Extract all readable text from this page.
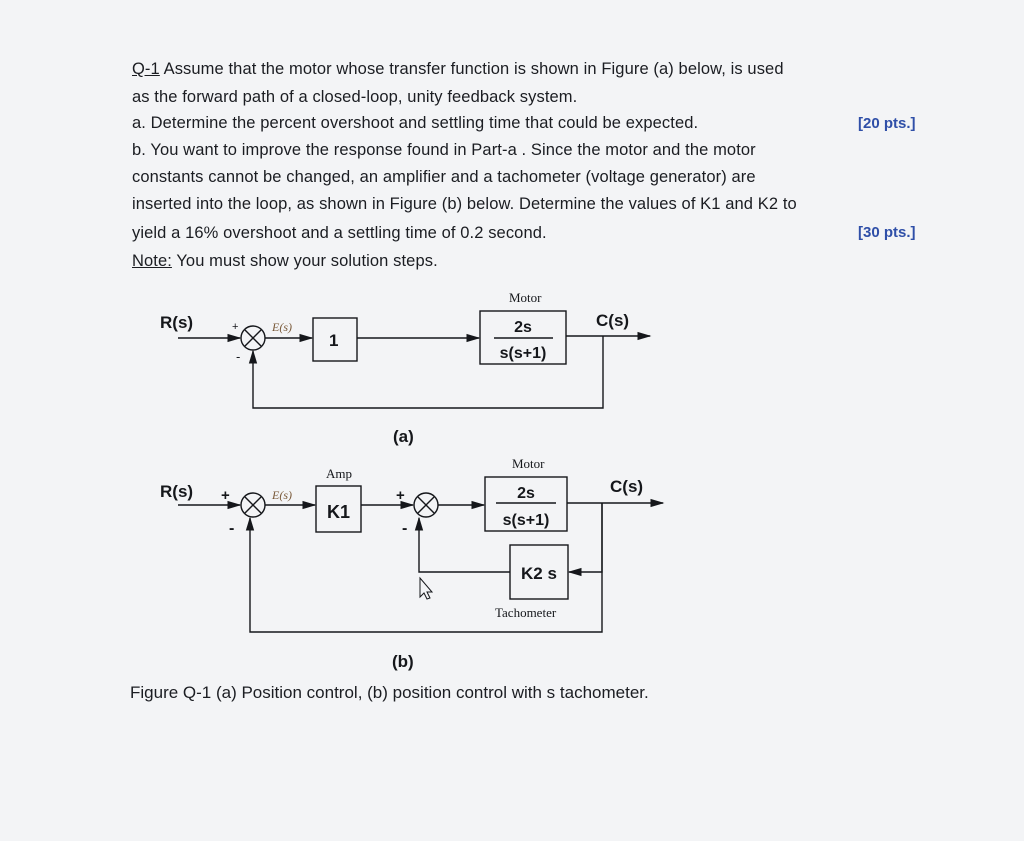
Q-1 Assume that the motor whose transfer function is shown in Figure (a) below, is used
as the forward path of a closed-loop, unity feedback system.
a. Determine the percent overshoot and settling time that could be expected.	[20 pts.]
b. You want to improve the response found in Part-a . Since the motor and the motor
constants cannot be changed, an amplifier and a tachometer (voltage generator) are
inserted into the loop, as shown in Figure (b) below. Determine the values of K1 and K2 to
yield a 16% overshoot and a settling time of 0.2 second.	[30 pts.]
Note: You must show your solution steps.
R(s)	+
-
E(s)
1
Motor
2s
s(s+1)
C(s)
(a)
R(s) +
-
E(s)
Amp
K1
+
-
Motor
2s
s(s+1)
C(s)
K2 s
Tachometer
(b)
Figure Q-1 (a) Position control, (b) position control with s tachometer.
